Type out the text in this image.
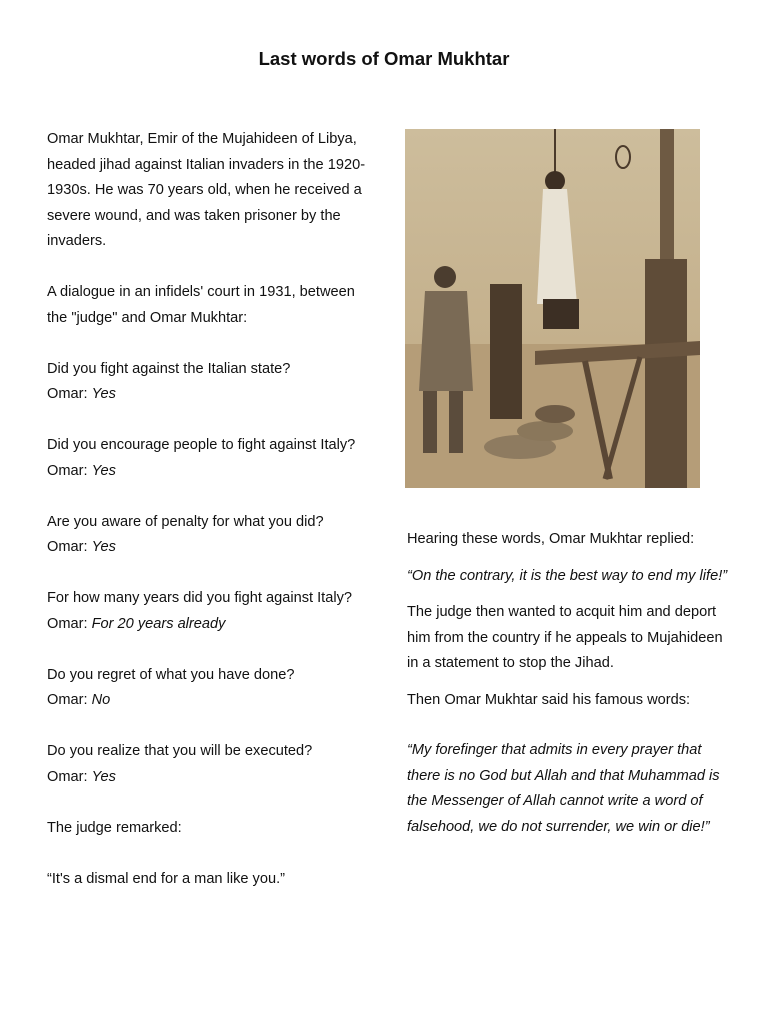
Last words of Omar Mukhtar

Omar Mukhtar, Emir of the Mujahideen of Libya, headed jihad against Italian invaders in the 1920-1930s. He was 70 years old, when he received a severe wound, and was taken prisoner by the invaders.

A dialogue in an infidels' court in 1931, between the "judge" and Omar Mukhtar:

Did you fight against the Italian state?

Omar: Yes

Did you encourage people to fight against Italy?

Omar: Yes

Are you aware of penalty for what you did?

Omar: Yes

For how many years did you fight against Italy?

Omar: For 20 years already

Do you regret of what you have done?

Omar: No

Do you realize that you will be executed?

Omar: Yes

The judge remarked:

“It's a dismal end for a man like you.”

Hearing these words, Omar Mukhtar replied:

“On the contrary, it is the best way to end my life!”

The judge then wanted to acquit him and deport him from the country if he appeals to Mujahideen in a statement to stop the Jihad.

Then Omar Mukhtar said his famous words:

“My forefinger that admits in every prayer that there is no God but Allah and that Muhammad is the Messenger of Allah cannot write a word of falsehood, we do not surrender, we win or die!”
